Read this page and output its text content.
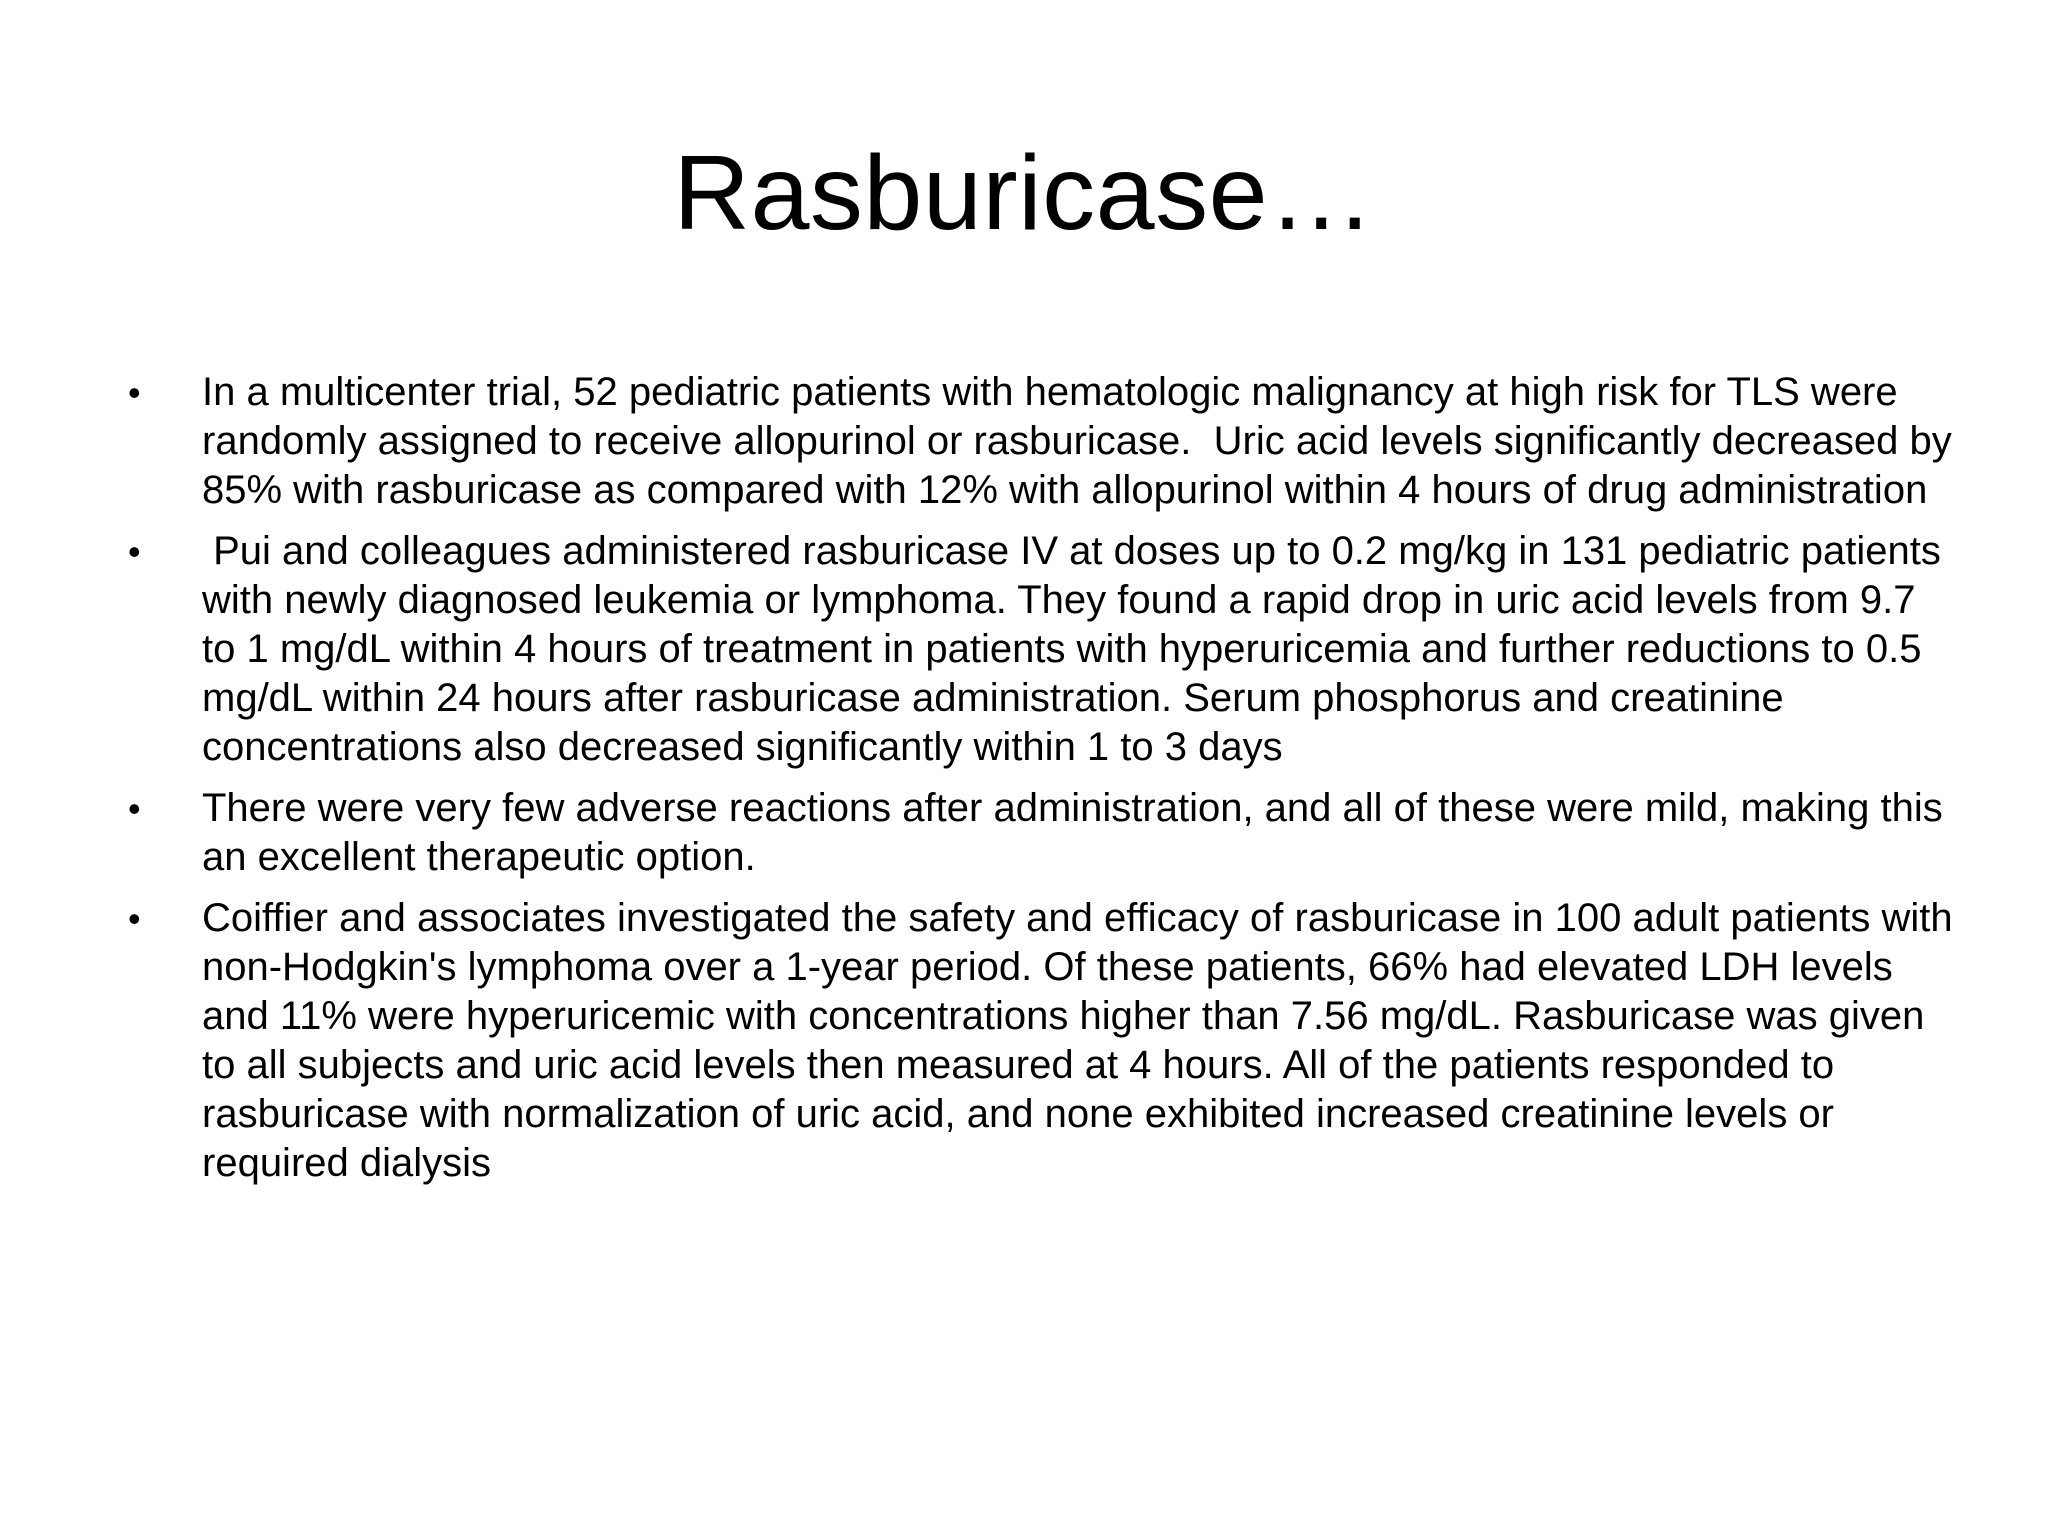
Rasburicase…
•	In a multicenter trial, 52 pediatric patients with hematologic malignancy at high risk for TLS were randomly assigned to receive allopurinol or rasburicase.  Uric acid levels significantly decreased by 85% with rasburicase as compared with 12% with allopurinol within 4 hours of drug administration
•	Pui and colleagues administered rasburicase IV at doses up to 0.2 mg/kg in 131 pediatric patients with newly diagnosed leukemia or lymphoma. They found a rapid drop in uric acid levels from 9.7 to 1 mg/dL within 4 hours of treatment in patients with hyperuricemia and further reductions to 0.5 mg/dL within 24 hours after rasburicase administration. Serum phosphorus and creatinine concentrations also decreased significantly within 1 to 3 days
•	There were very few adverse reactions after administration, and all of these were mild, making this an excellent therapeutic option.
•	Coiffier and associates investigated the safety and efficacy of rasburicase in 100 adult patients with non-Hodgkin's lymphoma over a 1-year period. Of these patients, 66% had elevated LDH levels and 11% were hyperuricemic with concentrations higher than 7.56 mg/dL. Rasburicase was given to all subjects and uric acid levels then measured at 4 hours. All of the patients responded to rasburicase with normalization of uric acid, and none exhibited increased creatinine levels or required dialysis
